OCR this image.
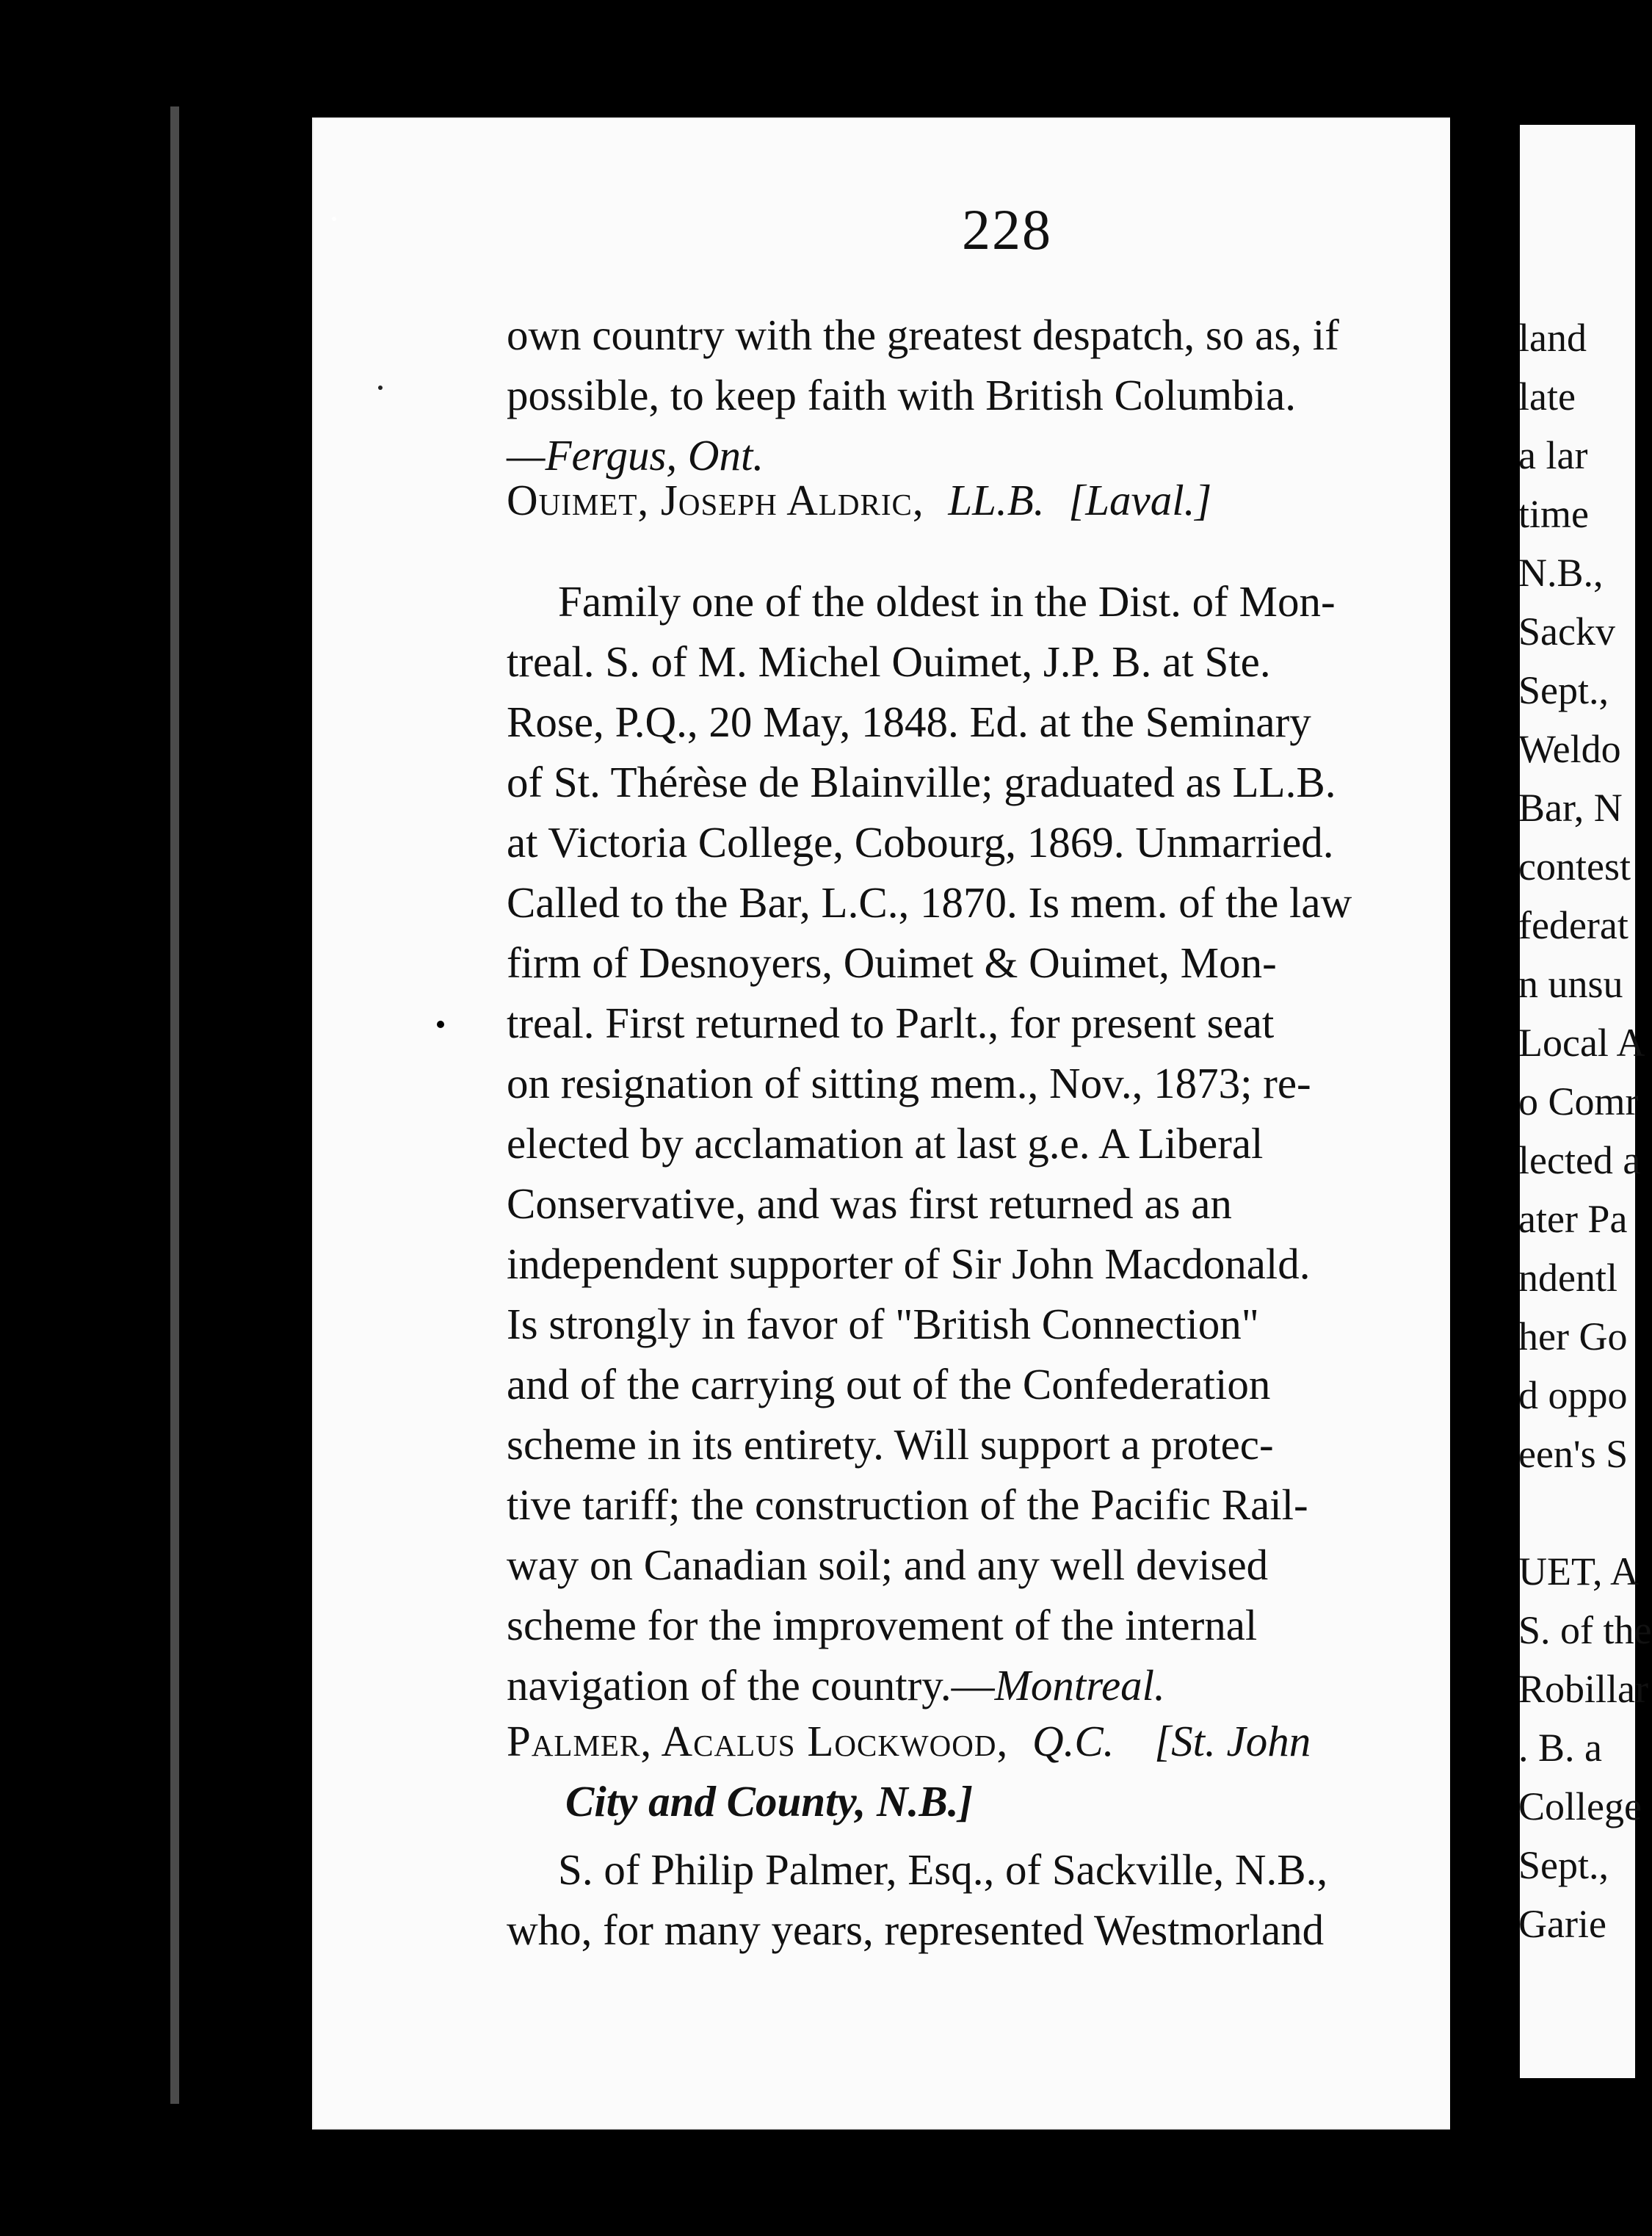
228
own country with the greatest despatch, so as, if
possible, to keep faith with British Columbia.
—Fergus, Ont.
Ouimet, Joseph Aldric, LL.B. [Laval.]
Family one of the oldest in the Dist. of Mon-
treal. S. of M. Michel Ouimet, J.P. B. at Ste.
Rose, P.Q., 20 May, 1848. Ed. at the Seminary
of St. Thérèse de Blainville; graduated as LL.B.
at Victoria College, Cobourg, 1869. Unmarried.
Called to the Bar, L.C., 1870. Is mem. of the law
firm of Desnoyers, Ouimet & Ouimet, Mon-
treal. First returned to Parlt., for present seat
on resignation of sitting mem., Nov., 1873; re-
elected by acclamation at last g.e. A Liberal
Conservative, and was first returned as an
independent supporter of Sir John Macdonald.
Is strongly in favor of "British Connection"
and of the carrying out of the Confederation
scheme in its entirety. Will support a protec-
tive tariff; the construction of the Pacific Rail-
way on Canadian soil; and any well devised
scheme for the improvement of the internal
navigation of the country.—Montreal.
Palmer, Acalus Lockwood, Q.C. [St. John
City and County, N.B.]
S. of Philip Palmer, Esq., of Sackville, N.B.,
who, for many years, represented Westmorland
land
late
a lar
time
N.B.,
Sackv
Sept.,
Weldo
Bar, N
contest
federat
n unsu
Local A
o Comr
lected a
ater Pa
ndentl
her Go
d oppo
een's S
UET, A
S. of the
Robillar
. B. a
College
Sept.,
Garie
